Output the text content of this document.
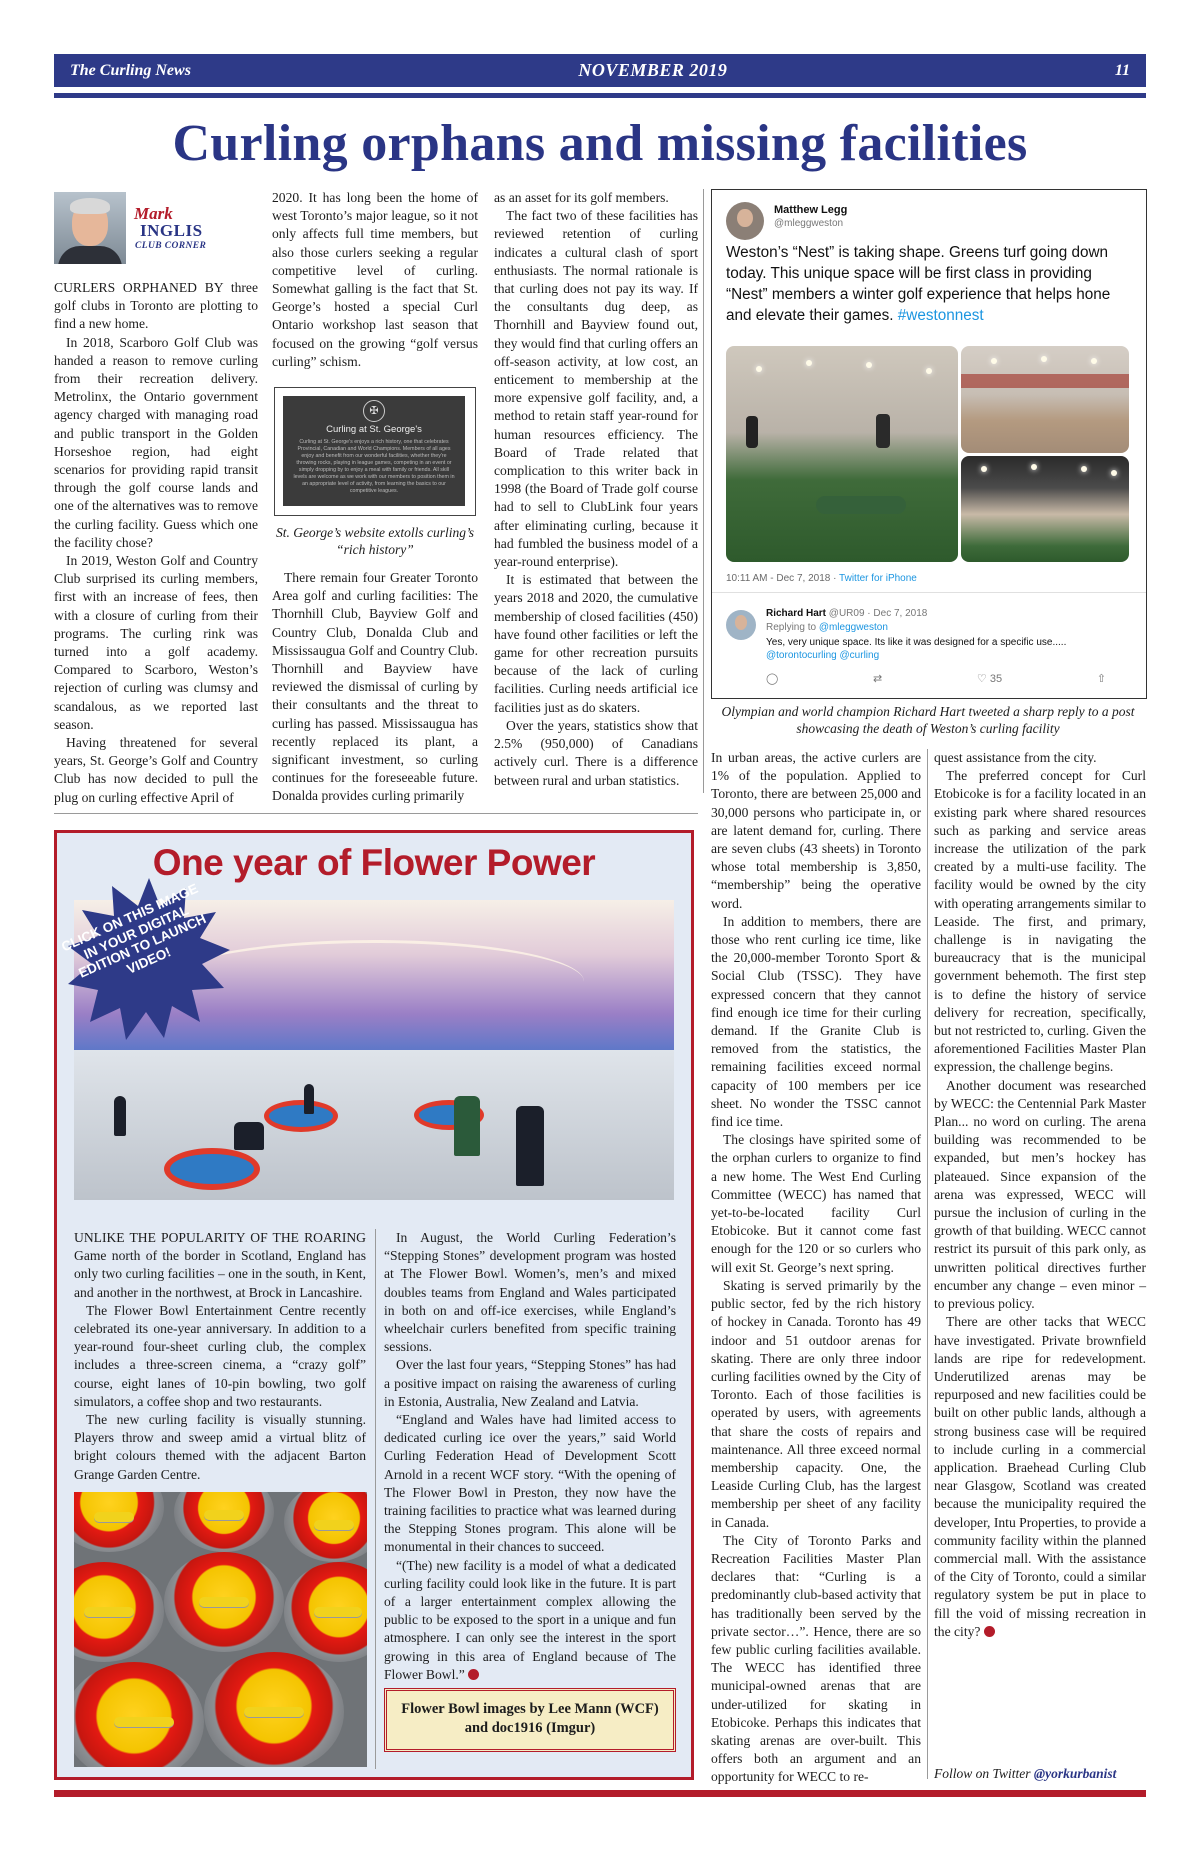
The Curling News	NOVEMBER 2019	11
Curling orphans and missing facilities
Mark
INGLIS
CLUB CORNER

CURLERS ORPHANED BY three golf clubs in Toronto are plotting to find a new home.

In 2018, Scarboro Golf Club was handed a reason to remove curling from their recreation delivery. Metrolinx, the Ontario government agency charged with managing road and public transport in the Golden Horseshoe region, had eight scenarios for providing rapid transit through the golf course lands and one of the alternatives was to remove the curling facility. Guess which one the facility chose?

In 2019, Weston Golf and Country Club surprised its curling members, first with an increase of fees, then with a closure of curling from their programs. The curling rink was turned into a golf academy. Compared to Scarboro, Weston’s rejection of curling was clumsy and scandalous, as we reported last season.

Having threatened for several years, St. George’s Golf and Country Club has now decided to pull the plug on curling effective April of

2020. It has long been the home of west Toronto’s major league, so it not only affects full time members, but also those curlers seeking a regular competitive level of curling. Somewhat galling is the fact that St. George’s hosted a special Curl Ontario workshop last season that focused on the growing “golf versus curling” schism.

✠
Curling at St. George's
Curling at St. George's enjoys a rich history, one that celebrates Provincial, Canadian and World Champions. Members of all ages enjoy and benefit from our wonderful facilities, whether they're throwing rocks, playing in league games, competing in an event or simply dropping by to enjoy a meal with family or friends. All skill levels are welcome as we work with our members to position them in an appropriate level of activity, from learning the basics to our competitive leagues.
St. George’s website extolls curling’s “rich history”

There remain four Greater Toronto Area golf and curling facilities: The Thornhill Club, Bayview Golf and Country Club, Donalda Club and Mississaugua Golf and Country Club. Thornhill and Bayview have reviewed the dismissal of curling by their consultants and the threat to curling has passed. Mississaugua has recently replaced its plant, a significant investment, so curling continues for the foreseeable future. Donalda provides curling primarily

as an asset for its golf members.

The fact two of these facilities has reviewed retention of curling indicates a cultural clash of sport enthusiasts. The normal rationale is that curling does not pay its way. If the consultants dug deep, as Thornhill and Bayview found out, they would find that curling offers an off-season activity, at low cost, an enticement to membership at the more expensive golf facility, and, a method to retain staff year-round for human resources efficiency. The Board of Trade related that complication to this writer back in 1998 (the Board of Trade golf course had to sell to ClubLink four years after eliminating curling, because it had fumbled the business model of a year-round enterprise).

It is estimated that between the years 2018 and 2020, the cumulative membership of closed facilities (450) have found other facilities or left the game for other recreation pursuits because of the lack of curling facilities. Curling needs artificial ice facilities just as do skaters.

Over the years, statistics show that 2.5% (950,000) of Canadians actively curl. There is a difference between rural and urban statistics.

Matthew Legg
@mleggweston
Weston’s “Nest” is taking shape. Greens turf going down today. This unique space will be first class in providing “Nest” members a winter golf experience that helps hone and elevate their games. #westonnest
10:11 AM - Dec 7, 2018 · Twitter for iPhone
Richard Hart @UR09 · Dec 7, 2018
Replying to @mleggweston
Yes, very unique space. Its like it was designed for a specific use.....
@torontocurling @curling
◯	⇄	♡ 35	⇧
Olympian and world champion Richard Hart tweeted a sharp reply to a post showcasing the death of Weston’s curling facility

In urban areas, the active curlers are 1% of the population. Applied to Toronto, there are between 25,000 and 30,000 persons who participate in, or are latent demand for, curling. There are seven clubs (43 sheets) in Toronto whose total membership is 3,850, “membership” being the operative word.

In addition to members, there are those who rent curling ice time, like the 20,000-member Toronto Sport & Social Club (TSSC). They have expressed concern that they cannot find enough ice time for their curling demand. If the Granite Club is removed from the statistics, the remaining facilities exceed normal capacity of 100 members per ice sheet. No wonder the TSSC cannot find ice time.

The closings have spirited some of the orphan curlers to organize to find a new home. The West End Curling Committee (WECC) has named that yet-to-be-located facility Curl Etobicoke. But it cannot come fast enough for the 120 or so curlers who will exit St. George’s next spring.

Skating is served primarily by the public sector, fed by the rich history of hockey in Canada. Toronto has 49 indoor and 51 outdoor arenas for skating. There are only three indoor curling facilities owned by the City of Toronto. Each of those facilities is operated by users, with agreements that share the costs of repairs and maintenance. All three exceed normal membership capacity. One, the Leaside Curling Club, has the largest membership per sheet of any facility in Canada.

The City of Toronto Parks and Recreation Facilities Master Plan declares that: “Curling is a predominantly club-based activity that has traditionally been served by the private sector…”. Hence, there are so few public curling facilities available. The WECC has identified three municipal-owned arenas that are under-utilized for skating in Etobicoke. Perhaps this indicates that skating arenas are over-built. This offers both an argument and an opportunity for WECC to re-

quest assistance from the city.

The preferred concept for Curl Etobicoke is for a facility located in an existing park where shared resources such as parking and service areas increase the utilization of the park created by a multi-use facility. The facility would be owned by the city with operating arrangements similar to Leaside. The first, and primary, challenge is in navigating the bureaucracy that is the municipal government behemoth. The first step is to define the history of service delivery for recreation, specifically, but not restricted to, curling. Given the aforementioned Facilities Master Plan expression, the challenge begins.

Another document was researched by WECC: the Centennial Park Master Plan... no word on curling. The arena building was recommended to be expanded, but men’s hockey has plateaued. Since expansion of the arena was expressed, WECC will pursue the inclusion of curling in the growth of that building. WECC cannot restrict its pursuit of this park only, as unwritten political directives further encumber any change – even minor – to previous policy.

There are other tacks that WECC have investigated. Private brownfield lands are ripe for redevelopment. Underutilized arenas may be repurposed and new facilities could be built on other public lands, although a strong business case will be required to include curling in a commercial application. Braehead Curling Club near Glasgow, Scotland was created because the municipality required the developer, Intu Properties, to provide a community facility within the planned commercial mall. With the assistance of the City of Toronto, could a similar regulatory system be put in place to fill the void of missing recreation in the city?

Follow on Twitter @yorkurbanist
One year of Flower Power
CLICK ON THIS IMAGE IN YOUR DIGITAL EDITION TO LAUNCH VIDEO!

UNLIKE THE POPULARITY OF THE ROARING Game north of the border in Scotland, England has only two curling facilities – one in the south, in Kent, and another in the northwest, at Brock in Lancashire.

The Flower Bowl Entertainment Centre recently celebrated its one-year anniversary. In addition to a year-round four-sheet curling club, the complex includes a three-screen cinema, a “crazy golf” course, eight lanes of 10-pin bowling, two golf simulators, a coffee shop and two restaurants.

The new curling facility is visually stunning. Players throw and sweep amid a virtual blitz of bright colours themed with the adjacent Barton Grange Garden Centre.

In August, the World Curling Federation’s “Stepping Stones” development program was hosted at The Flower Bowl. Women’s, men’s and mixed doubles teams from England and Wales participated in both on and off-ice exercises, while England’s wheelchair curlers benefited from specific training sessions.

Over the last four years, “Stepping Stones” has had a positive impact on raising the awareness of curling in Estonia, Australia, New Zealand and Latvia.

“England and Wales have had limited access to dedicated curling ice over the years,” said World Curling Federation Head of Development Scott Arnold in a recent WCF story. “With the opening of The Flower Bowl in Preston, they now have the training facilities to practice what was learned during the Stepping Stones program. This alone will be monumental in their chances to succeed.

“(The) new facility is a model of what a dedicated curling facility could look like in the future. It is part of a larger entertainment complex allowing the public to be exposed to the sport in a unique and fun atmosphere. I can only see the interest in the sport growing in this area of England because of The Flower Bowl.”

Flower Bowl images by Lee Mann (WCF) and doc1916 (Imgur)
